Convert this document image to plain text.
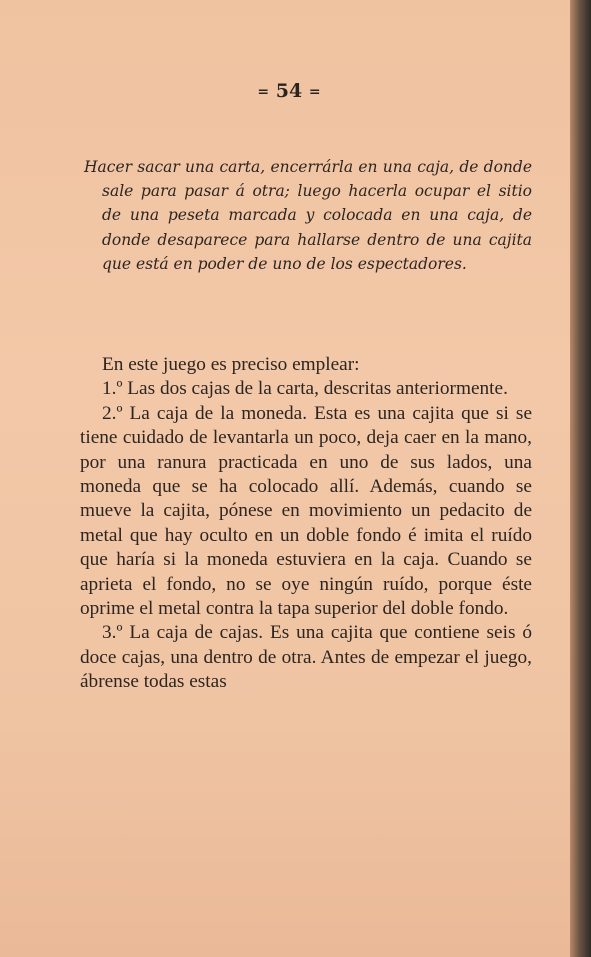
= 54 =
Hacer sacar una carta, encerrárla en una caja, de donde sale para pasar á otra; luego hacerla ocupar el sitio de una peseta marcada y colocada en una caja, de donde desaparece para hallarse dentro de una cajita que está en poder de uno de los espectadores.

En este juego es preciso emplear:

1.º Las dos cajas de la carta, descritas anteriormente.

2.º La caja de la moneda. Esta es una cajita que si se tiene cuidado de levantarla un poco, deja caer en la mano, por una ranura practicada en uno de sus lados, una moneda que se ha colocado allí. Además, cuando se mueve la cajita, pónese en movimiento un pedacito de metal que hay oculto en un doble fondo é imita el ruído que haría si la moneda estuviera en la caja. Cuando se aprieta el fondo, no se oye ningún ruído, porque éste oprime el metal contra la tapa superior del doble fondo.

3.º La caja de cajas. Es una cajita que contiene seis ó doce cajas, una dentro de otra. Antes de empezar el juego, ábrense todas estas
